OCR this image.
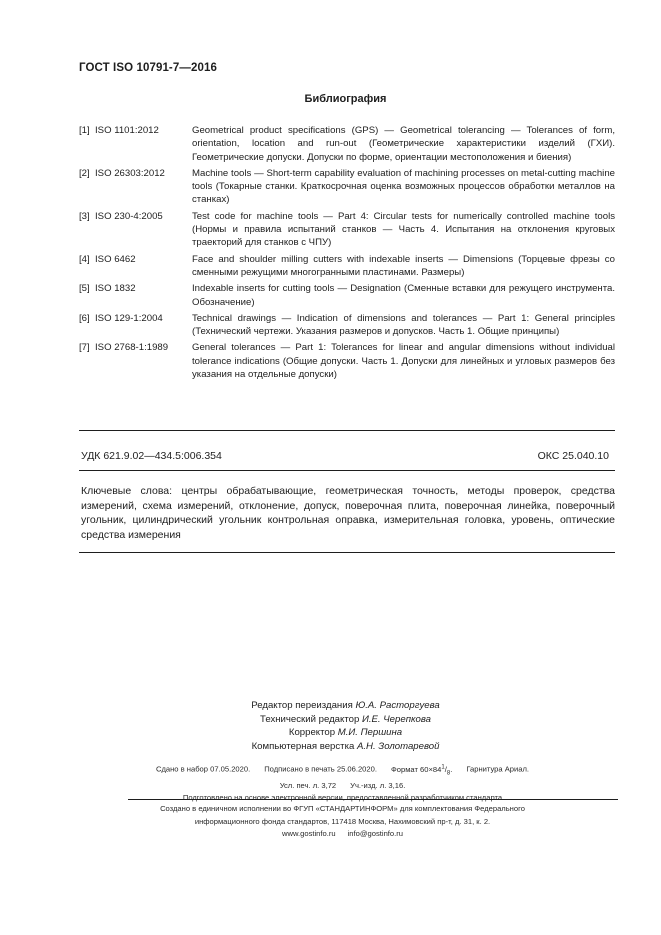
ГОСТ ISO 10791-7—2016
Библиография
[1] ISO 1101:2012	Geometrical product specifications (GPS) — Geometrical tolerancing — Tolerances of form, orientation, location and run-out (Геометрические характеристики изделий (ГХИ). Геометрические допуски. Допуски по форме, ориентации местоположения и биения)
[2] ISO 26303:2012	Machine tools — Short-term capability evaluation of machining processes on metal-cutting machine tools (Токарные станки. Краткосрочная оценка возможных процессов обработки металлов на станках)
[3] ISO 230-4:2005	Test code for machine tools — Part 4: Circular tests for numerically controlled machine tools (Нормы и правила испытаний станков — Часть 4. Испытания на отклонения круговых траекторий для станков с ЧПУ)
[4] ISO 6462	Face and shoulder milling cutters with indexable inserts — Dimensions (Торцевые фрезы со сменными режущими многогранными пластинами. Размеры)
[5] ISO 1832	Indexable inserts for cutting tools — Designation (Сменные вставки для режущего инструмента. Обозначение)
[6] ISO 129-1:2004	Technical drawings — Indication of dimensions and tolerances — Part 1: General principles (Технический чертежи. Указания размеров и допусков. Часть 1. Общие принципы)
[7] ISO 2768-1:1989	General tolerances — Part 1: Tolerances for linear and angular dimensions without individual tolerance indications (Общие допуски. Часть 1. Допуски для линейных и угловых размеров без указания на отдельные допуски)
УДК 621.9.02—434.5:006.354	ОКС 25.040.10
Ключевые слова: центры обрабатывающие, геометрическая точность, методы проверок, средства измерений, схема измерений, отклонение, допуск, поверочная плита, поверочная линейка, поверочный угольник, цилиндрический угольник контрольная оправка, измерительная головка, уровень, оптические средства измерения
Редактор переиздания Ю.А. Расторгуева
Технический редактор И.Е. Черепкова
Корректор М.И. Першина
Компьютерная верстка А.Н. Золотаревой
Сдано в набор 07.05.2020. Подписано в печать 25.06.2020. Формат $60\times 84^1/_8$. Гарнитура Ариал.
Усл. печ. л. 3,72 Уч.-изд. л. 3,16.
Подготовлено на основе электронной версии, предоставленной разработчиком стандарта
Создано в единичном исполнении во ФГУП «СТАНДАРТИНФОРМ» для комплектования Федерального
информационного фонда стандартов, 117418 Москва, Нахимовский пр-т, д. 31, к. 2.
www.gostinfo.ru info@gostinfo.ru
